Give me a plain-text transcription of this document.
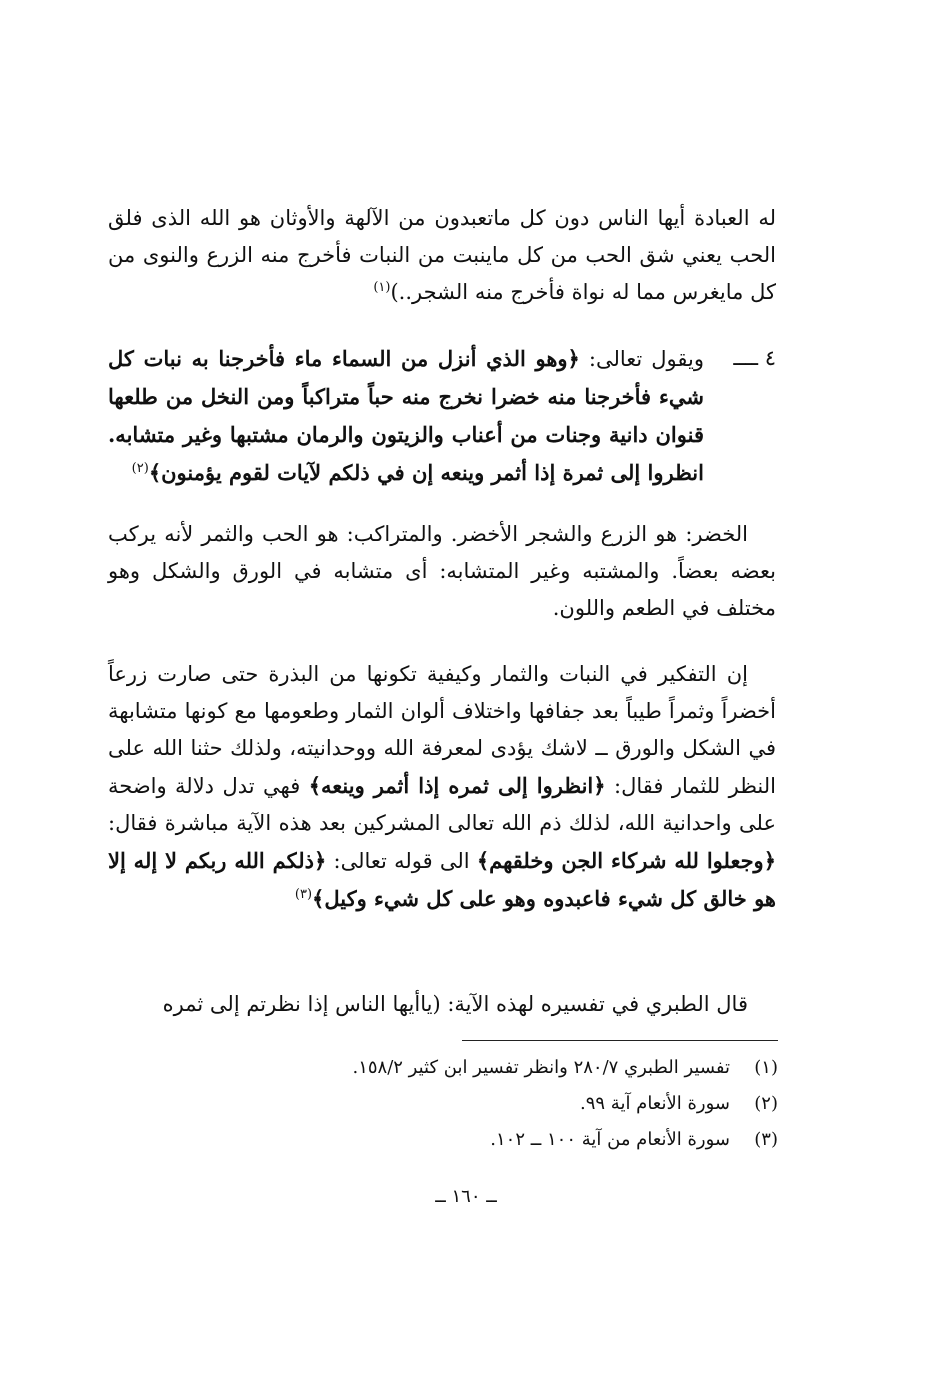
له العبادة أيها الناس دون كل ماتعبدون من الآلهة والأوثان هو الله الذى فلق الحب يعني شق الحب من كل ماينبت من النبات فأخرج منه الزرع والنوى من كل مايغرس مما له نواة فأخرج منه الشجر..)$^{(١)}$

٤ ــــ

ويقول تعالى: ﴿وهو الذي أنزل من السماء ماء فأخرجنا به نبات كل شيء فأخرجنا منه خضرا نخرج منه حباً متراكباً ومن النخل من طلعها قنوان دانية وجنات من أعناب والزيتون والرمان مشتبها وغير متشابه. انظروا إلى ثمرة إذا أثمر وينعه إن في ذلكم لآيات لقوم يؤمنون﴾$^{(٢)}$

الخضر: هو الزرع والشجر الأخضر. والمتراكب: هو الحب والثمر لأنه يركب بعضه بعضاً. والمشتبه وغير المتشابه: أى متشابه في الورق والشكل وهو مختلف في الطعم واللون.

إن التفكير في النبات والثمار وكيفية تكونها من البذرة حتى صارت زرعاً أخضراً وثمراً طيباً بعد جفافها واختلاف ألوان الثمار وطعومها مع كونها متشابهة في الشكل والورق ــ لاشك يؤدى لمعرفة الله ووحدانيته، ولذلك حثنا الله على النظر للثمار فقال: ﴿انظروا إلى ثمره إذا أثمر وينعه﴾ فهي تدل دلالة واضحة على واحدانية الله، لذلك ذم الله تعالى المشركين بعد هذه الآية مباشرة فقال: ﴿وجعلوا لله شركاء الجن وخلقهم﴾ الى قوله تعالى: ﴿ذلكم الله ربكم لا إله إلا هو خالق كل شيء فاعبدوه وهو على كل شيء وكيل﴾$^{(٣)}$

قال الطبري في تفسيره لهذه الآية: (ياأيها الناس إذا نظرتم إلى ثمره

(١)
تفسير الطبري ٢٨٠/٧ وانظر تفسير ابن كثير ١٥٨/٢.
(٢)
سورة الأنعام آية ٩٩.
(٣)
سورة الأنعام من آية ١٠٠ ــ ١٠٢.
ــ ١٦٠ ــ
